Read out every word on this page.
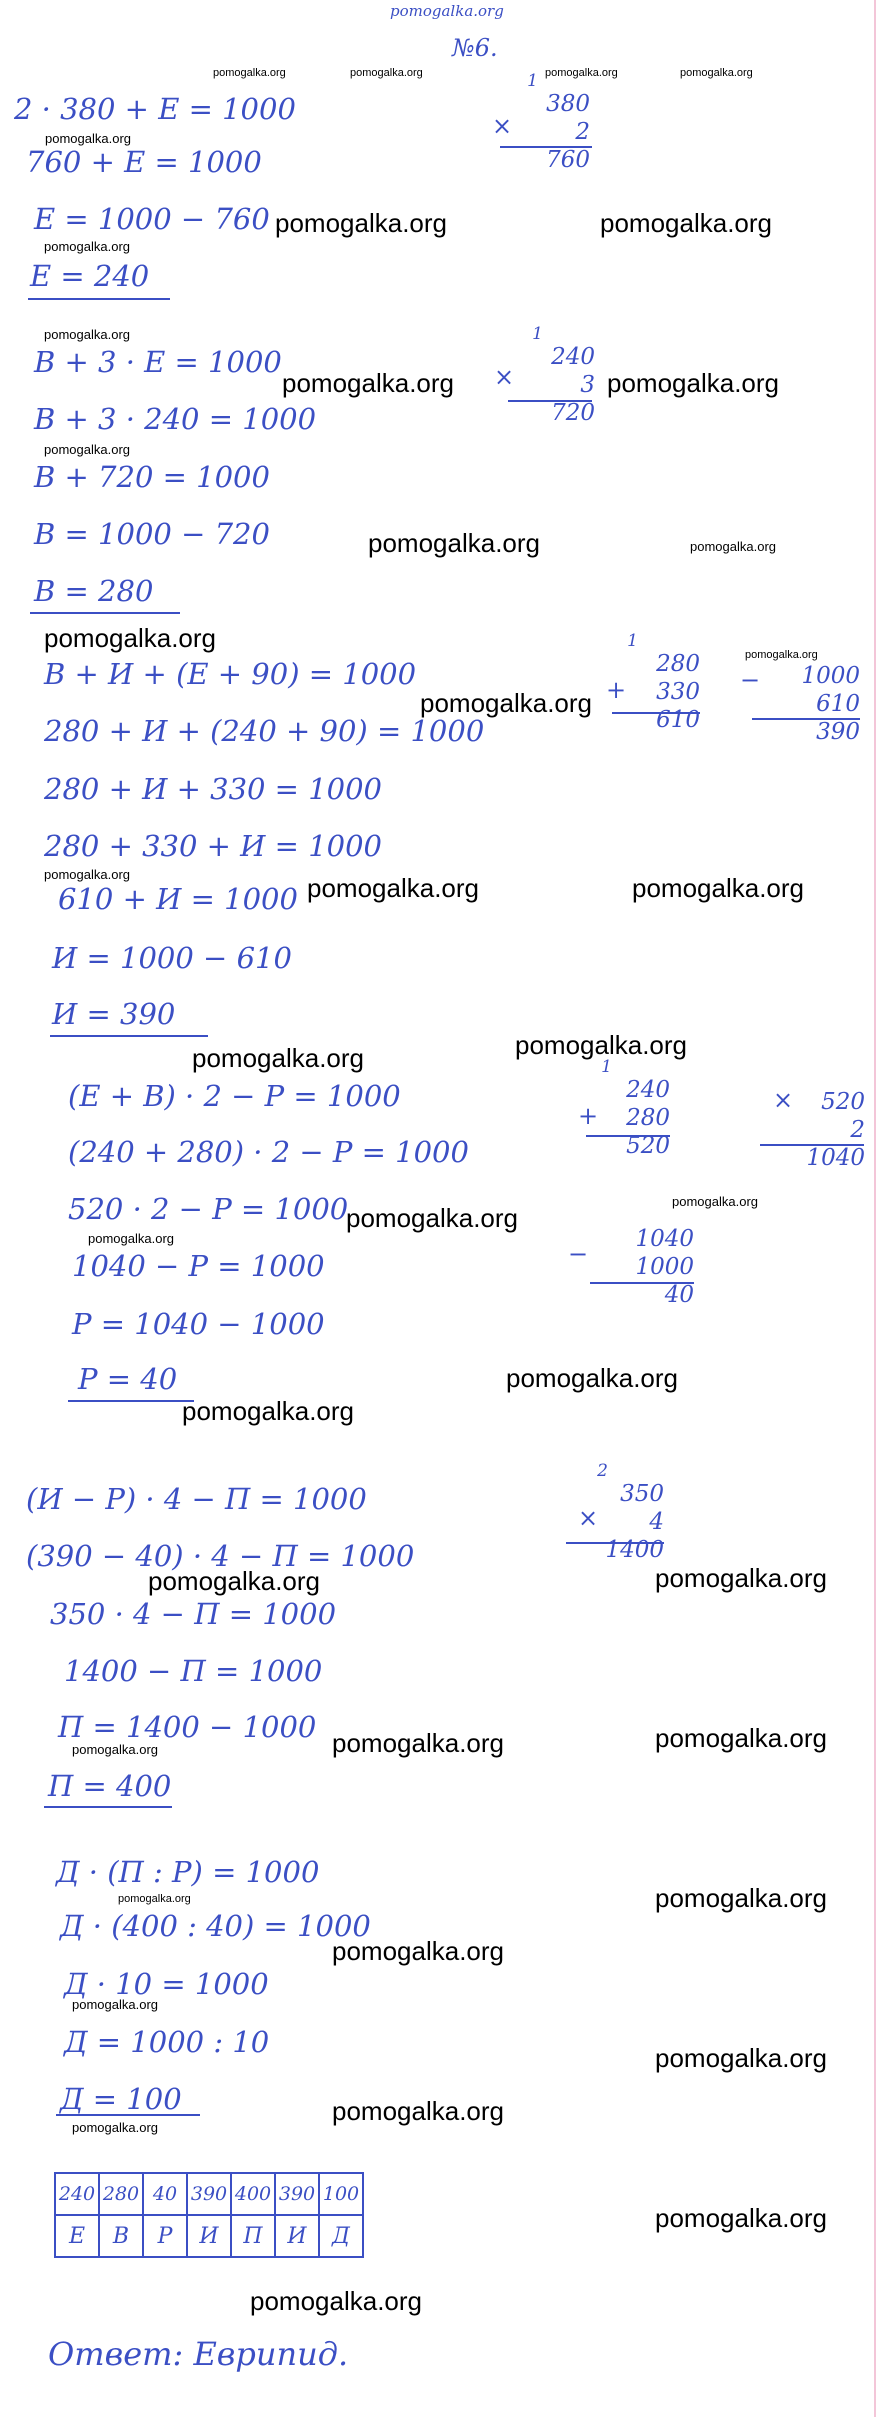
pomogalka.org
№6.
pomogalka.org	pomogalka.org	pomogalka.org	pomogalka.org
2 · 380 + E = 1000
pomogalka.org
760 + E = 1000
E = 1000 − 760
pomogalka.org
E = 240
pomogalka.org	pomogalka.org
1
380
2
760
×
pomogalka.org
В + 3 · E = 1000
В + 3 · 240 = 1000
pomogalka.org
В + 720 = 1000
В = 1000 − 720
В = 280
pomogalka.org	pomogalka.org
pomogalka.org	pomogalka.org
1
240
3
720
×
pomogalka.org
В + И + (E + 90) = 1000
280 + И + (240 + 90) = 1000
280 + И + 330 = 1000
280 + 330 + И = 1000
pomogalka.org
610 + И = 1000
И = 1000 − 610
И = 390
pomogalka.org
pomogalka.org	pomogalka.org
pomogalka.org
1
280
330
610
+	1000
610
390
−
pomogalka.org	pomogalka.org
(E + В) · 2 − Р = 1000
(240 + 280) · 2 − Р = 1000
520 · 2 − Р = 1000
pomogalka.org
1040 − Р = 1000
Р = 1040 − 1000
Р = 40
pomogalka.org
pomogalka.org
pomogalka.org
pomogalka.org
1
240
280
520
+	520
2
1040
×
1040
1000
40
−
(И − Р) · 4 − П = 1000
(390 − 40) · 4 − П = 1000
pomogalka.org
350 · 4 − П = 1000
1400 − П = 1000
П = 1400 − 1000
pomogalka.org
П = 400
pomogalka.org
pomogalka.org	pomogalka.org
2
350
4
1400
×
Д · (П : Р) = 1000
pomogalka.org
Д · (400 : 40) = 1000
pomogalka.org
Д · 10 = 1000
pomogalka.org
Д = 1000 : 10
Д = 100
pomogalka.org
pomogalka.org
pomogalka.org
pomogalka.org
240	280	40	390	400	390	100
Е	В	Р	И	П	И	Д
pomogalka.org
pomogalka.org
Ответ: Еврипид.
